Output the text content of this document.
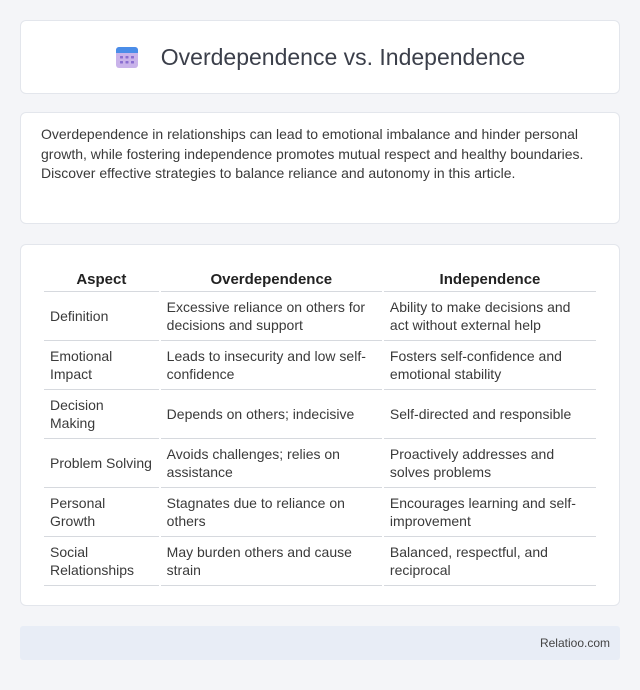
Overdependence vs. Independence

Overdependence in relationships can lead to emotional imbalance and hinder personal growth, while fostering independence promotes mutual respect and healthy boundaries. Discover effective strategies to balance reliance and autonomy in this article.

Aspect	Overdependence	Independence
Definition	Excessive reliance on others for decisions and support	Ability to make decisions and act without external help
Emotional Impact	Leads to insecurity and low self-confidence	Fosters self-confidence and emotional stability
Decision Making	Depends on others; indecisive	Self-directed and responsible
Problem Solving	Avoids challenges; relies on assistance	Proactively addresses and solves problems
Personal Growth	Stagnates due to reliance on others	Encourages learning and self-improvement
Social Relationships	May burden others and cause strain	Balanced, respectful, and reciprocal
Relatioo.com
